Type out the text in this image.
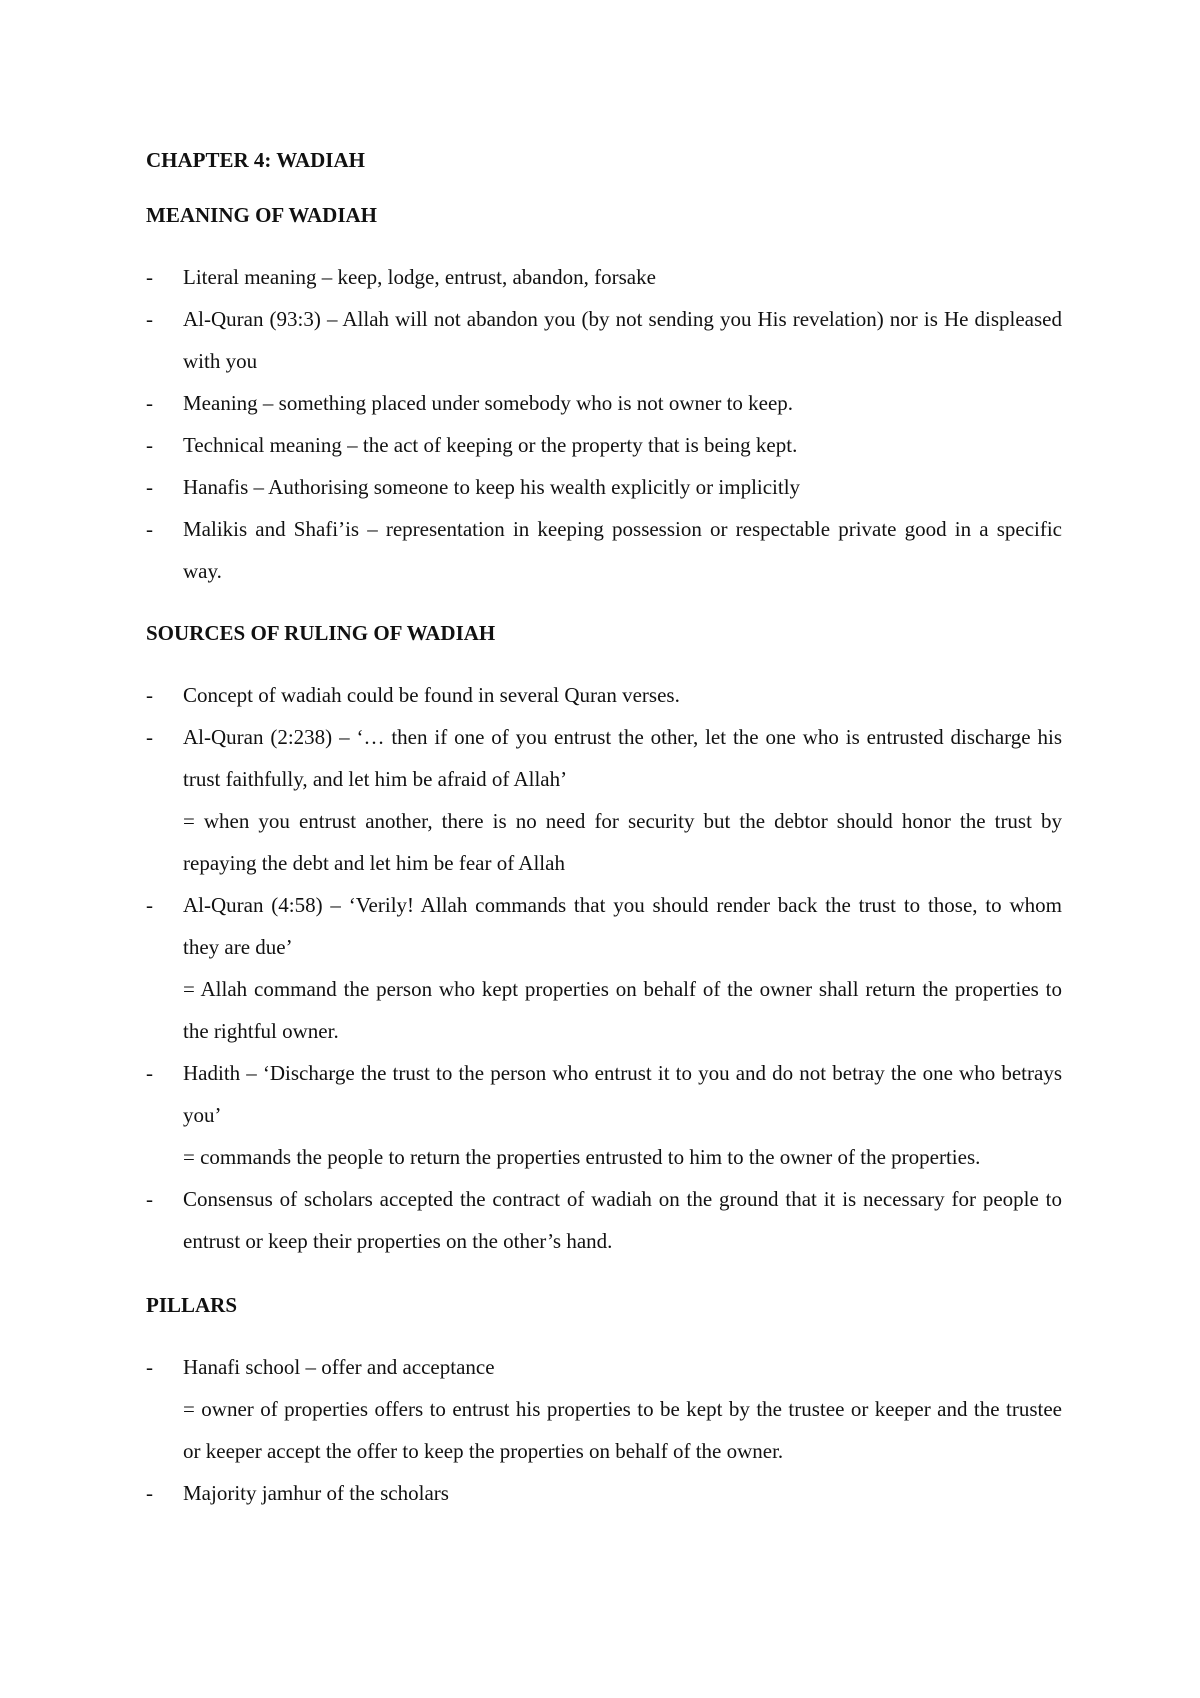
CHAPTER 4: WADIAH

MEANING OF WADIAH

- Literal meaning – keep, lodge, entrust, abandon, forsake
- Al-Quran (93:3) – Allah will not abandon you (by not sending you His revelation) nor is He displeased with you
- Meaning – something placed under somebody who is not owner to keep.
- Technical meaning – the act of keeping or the property that is being kept.
- Hanafis – Authorising someone to keep his wealth explicitly or implicitly
- Malikis and Shafi’is – representation in keeping possession or respectable private good in a specific way.

SOURCES OF RULING OF WADIAH

- Concept of wadiah could be found in several Quran verses.
- Al-Quran (2:238) – ‘… then if one of you entrust the other, let the one who is entrusted discharge his trust faithfully, and let him be afraid of Allah’
= when you entrust another, there is no need for security but the debtor should honor the trust by repaying the debt and let him be fear of Allah
- Al-Quran (4:58) – ‘Verily! Allah commands that you should render back the trust to those, to whom they are due’
= Allah command the person who kept properties on behalf of the owner shall return the properties to the rightful owner.
- Hadith – ‘Discharge the trust to the person who entrust it to you and do not betray the one who betrays you’
= commands the people to return the properties entrusted to him to the owner of the properties.
- Consensus of scholars accepted the contract of wadiah on the ground that it is necessary for people to entrust or keep their properties on the other’s hand.

PILLARS

- Hanafi school – offer and acceptance
= owner of properties offers to entrust his properties to be kept by the trustee or keeper and the trustee or keeper accept the offer to keep the properties on behalf of the owner.
- Majority jamhur of the scholars
